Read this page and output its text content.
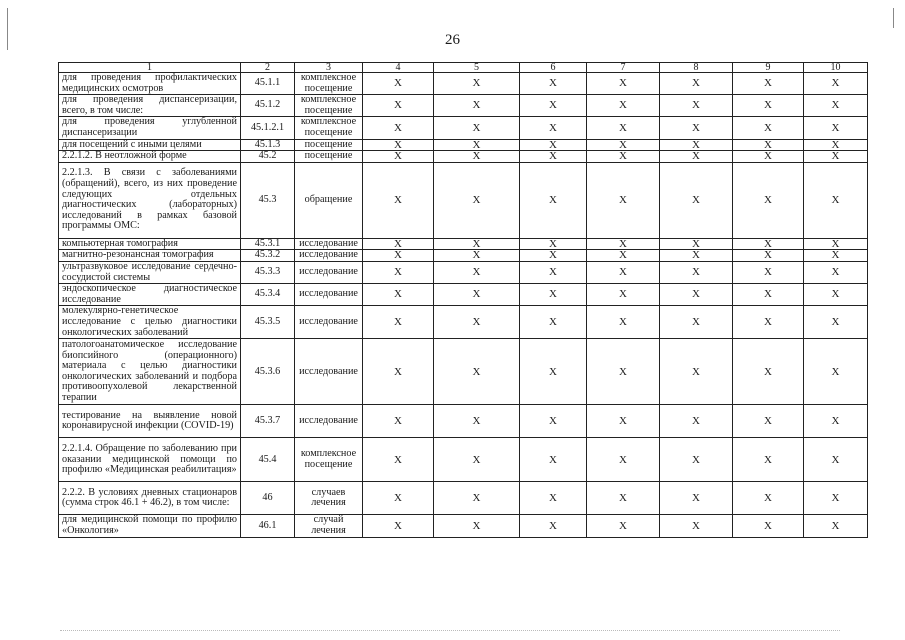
26
1	2	3	4	5	6	7	8	9	10
для проведения профилактических медицинских осмотров	45.1.1	комплексное посещение	X	X	X	X	X	X	X
для проведения диспансеризации, всего, в том числе:	45.1.2	комплексное посещение	X	X	X	X	X	X	X
для проведения углубленной диспансеризации	45.1.2.1	комплексное посещение	X	X	X	X	X	X	X
для посещений с иными целями	45.1.3	посещение	X	X	X	X	X	X	X
2.2.1.2. В неотложной форме	45.2	посещение	X	X	X	X	X	X	X
2.2.1.3. В связи с заболеваниями (обращений), всего, из них проведение следующих отдельных диагностических (лабораторных) исследований в рамках базовой программы ОМС:	45.3	обращение	X	X	X	X	X	X	X
компьютерная томография	45.3.1	исследование	X	X	X	X	X	X	X
магнитно-резонансная томография	45.3.2	исследование	X	X	X	X	X	X	X
ультразвуковое исследование сердечно-сосудистой системы	45.3.3	исследование	X	X	X	X	X	X	X
эндоскопическое диагностическое исследование	45.3.4	исследование	X	X	X	X	X	X	X
молекулярно-генетическое исследование с целью диагностики онкологических заболеваний	45.3.5	исследование	X	X	X	X	X	X	X
патологоанатомическое исследование биопсийного (операционного) материала с целью диагностики онкологических заболеваний и подбора противоопухолевой лекарственной терапии	45.3.6	исследование	X	X	X	X	X	X	X
тестирование на выявление новой коронавирусной инфекции (COVID-19)	45.3.7	исследование	X	X	X	X	X	X	X
2.2.1.4. Обращение по заболеванию при оказании медицинской помощи по профилю «Медицинская реабилитация»	45.4	комплексное посещение	X	X	X	X	X	X	X
2.2.2. В условиях дневных стационаров (сумма строк 46.1 + 46.2), в том числе:	46	случаев лечения	X	X	X	X	X	X	X
для медицинской помощи по профилю «Онкология»	46.1	случай лечения	X	X	X	X	X	X	X
